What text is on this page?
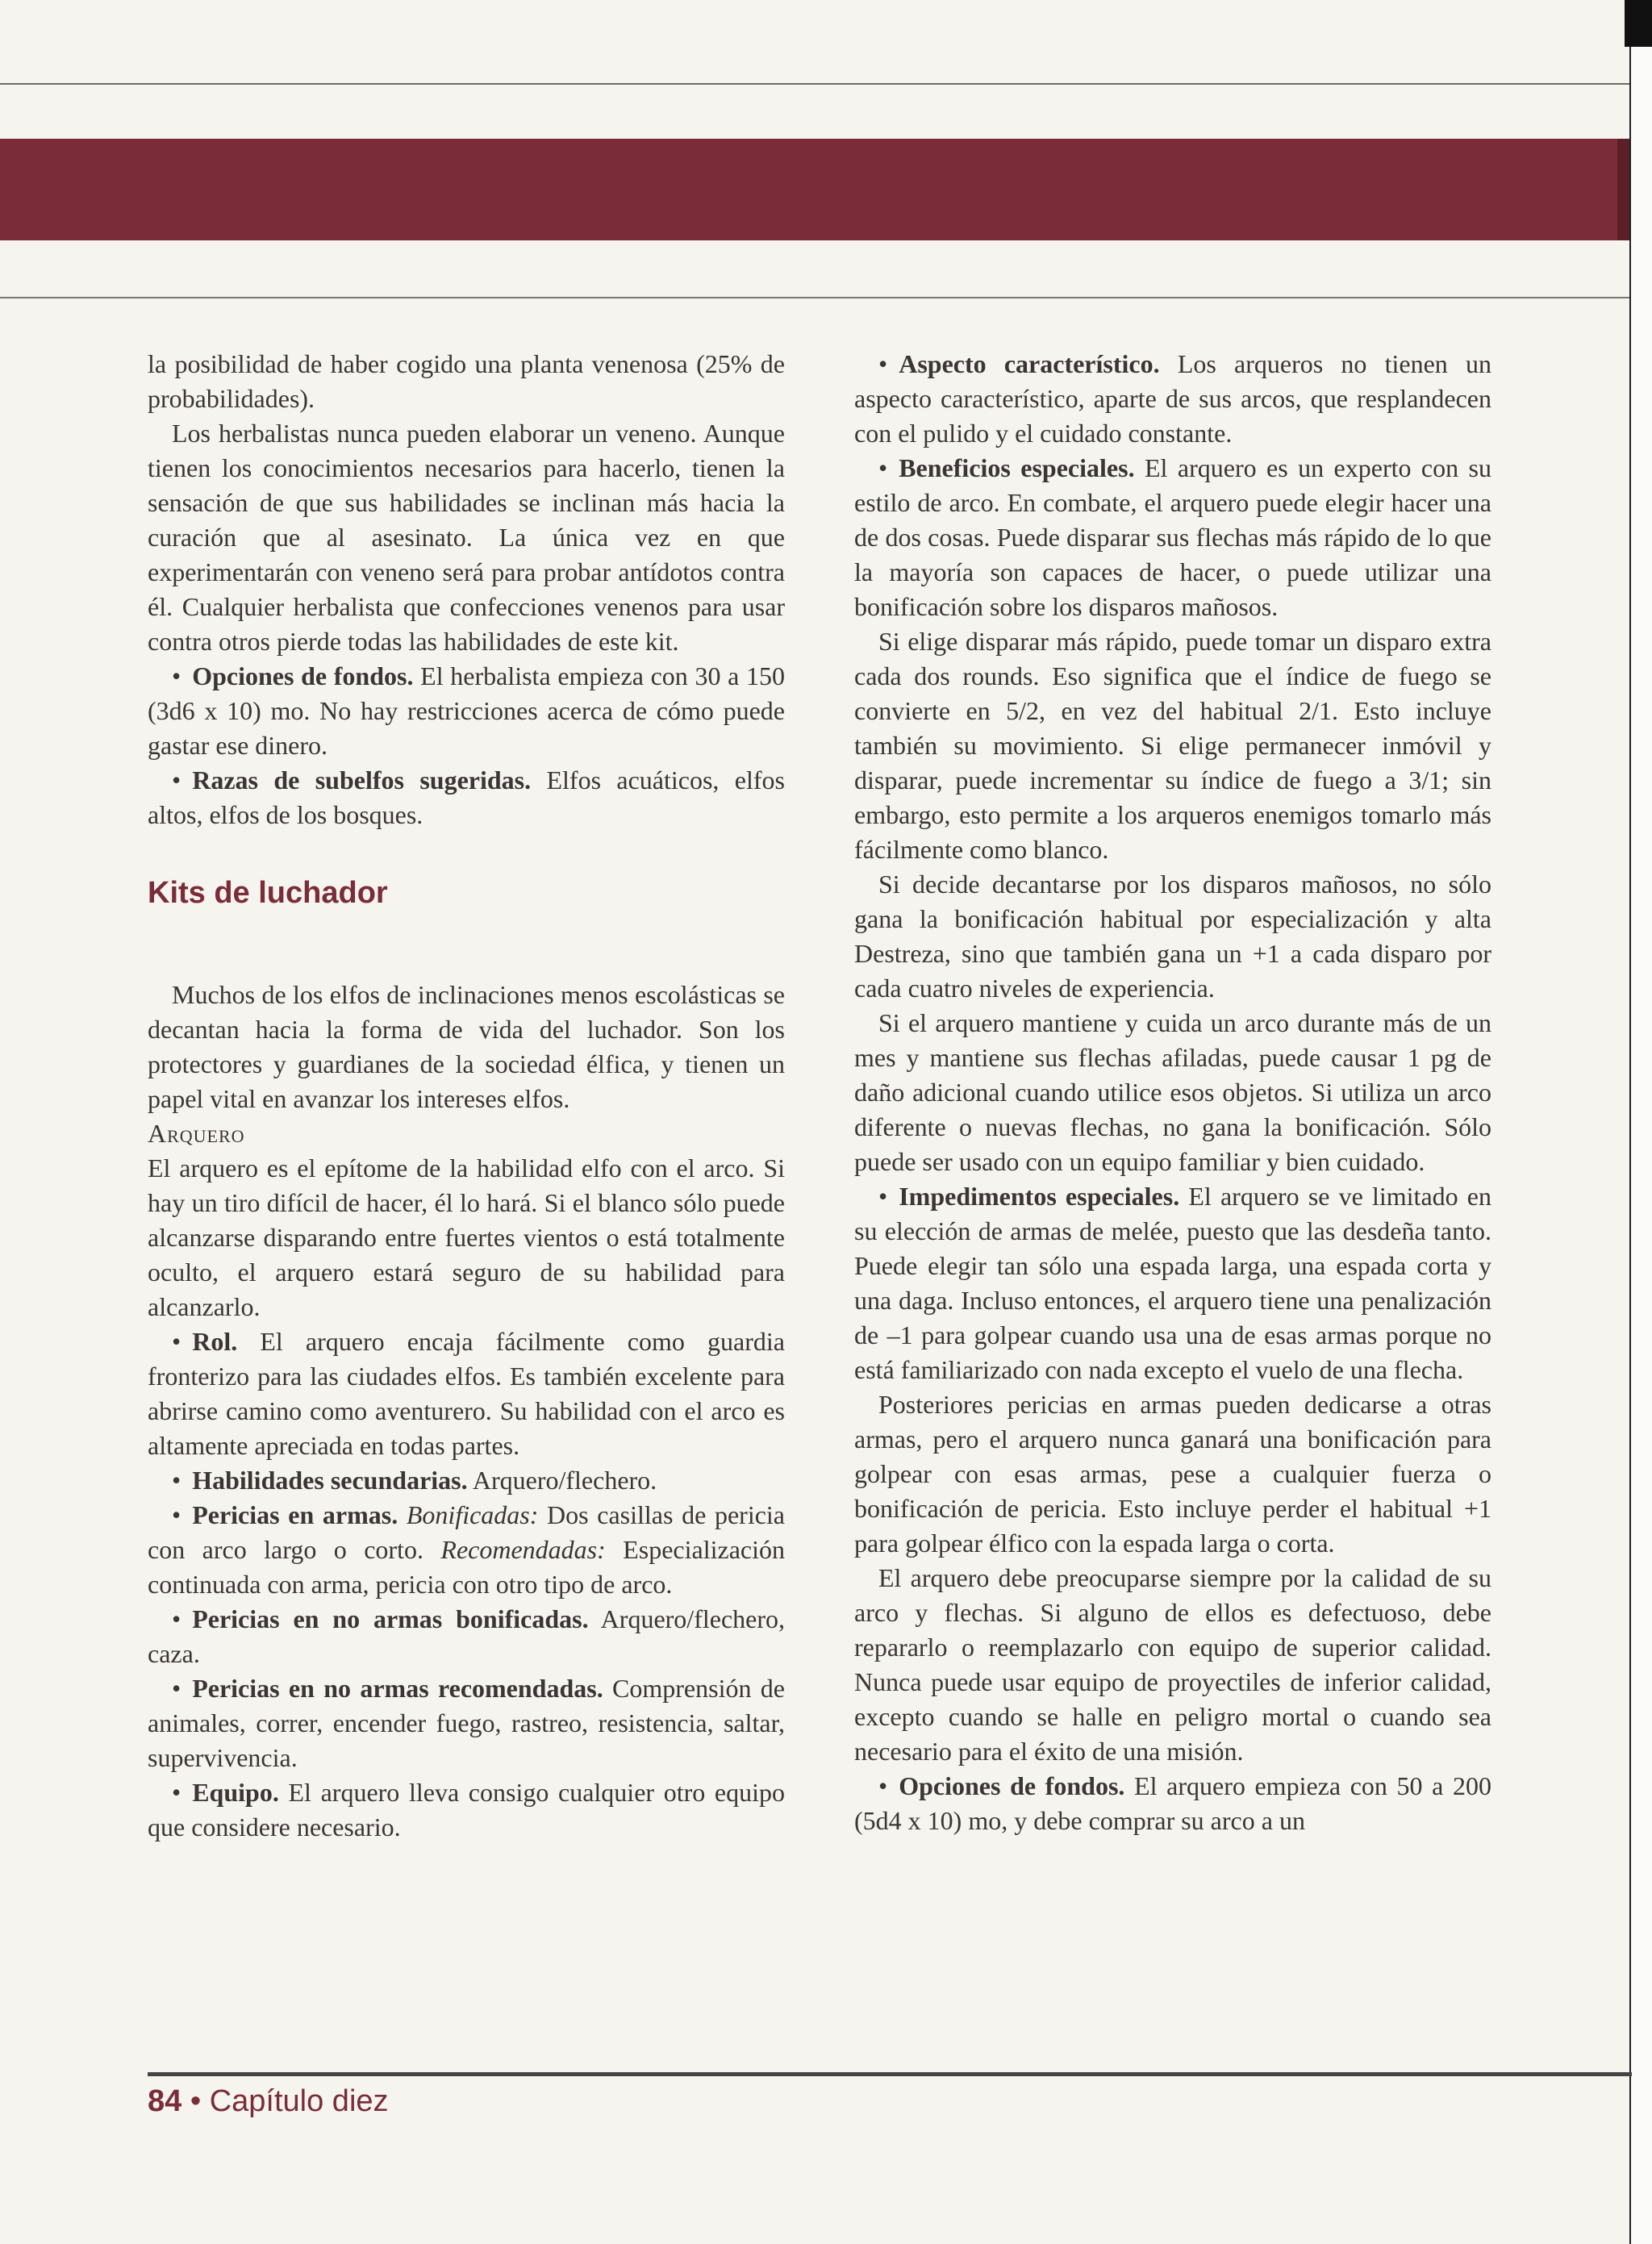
la posibilidad de haber cogido una planta venenosa (25% de probabilidades).

Los herbalistas nunca pueden elaborar un veneno. Aunque tienen los conocimientos necesarios para hacerlo, tienen la sensación de que sus habilidades se inclinan más hacia la curación que al asesinato. La única vez en que experimentarán con veneno será para probar antídotos contra él. Cualquier herbalista que confecciones venenos para usar contra otros pierde todas las habilidades de este kit.

• Opciones de fondos. El herbalista empieza con 30 a 150 (3d6 x 10) mo. No hay restricciones acerca de cómo puede gastar ese dinero.

• Razas de subelfos sugeridas. Elfos acuáticos, elfos altos, elfos de los bosques.

Kits de luchador

Muchos de los elfos de inclinaciones menos escolásticas se decantan hacia la forma de vida del luchador. Son los protectores y guardianes de la sociedad élfica, y tienen un papel vital en avanzar los intereses elfos.

Arquero

El arquero es el epítome de la habilidad elfo con el arco. Si hay un tiro difícil de hacer, él lo hará. Si el blanco sólo puede alcanzarse disparando entre fuertes vientos o está totalmente oculto, el arquero estará seguro de su habilidad para alcanzarlo.

• Rol. El arquero encaja fácilmente como guardia fronterizo para las ciudades elfos. Es también excelente para abrirse camino como aventurero. Su habilidad con el arco es altamente apreciada en todas partes.

• Habilidades secundarias. Arquero/flechero.

• Pericias en armas. Bonificadas: Dos casillas de pericia con arco largo o corto. Recomendadas: Especialización continuada con arma, pericia con otro tipo de arco.

• Pericias en no armas bonificadas. Arquero/flechero, caza.

• Pericias en no armas recomendadas. Comprensión de animales, correr, encender fuego, rastreo, resistencia, saltar, supervivencia.

• Equipo. El arquero lleva consigo cualquier otro equipo que considere necesario.

• Aspecto característico. Los arqueros no tienen un aspecto característico, aparte de sus arcos, que resplandecen con el pulido y el cuidado constante.

• Beneficios especiales. El arquero es un experto con su estilo de arco. En combate, el arquero puede elegir hacer una de dos cosas. Puede disparar sus flechas más rápido de lo que la mayoría son capaces de hacer, o puede utilizar una bonificación sobre los disparos mañosos.

Si elige disparar más rápido, puede tomar un disparo extra cada dos rounds. Eso significa que el índice de fuego se convierte en 5/2, en vez del habitual 2/1. Esto incluye también su movimiento. Si elige permanecer inmóvil y disparar, puede incrementar su índice de fuego a 3/1; sin embargo, esto permite a los arqueros enemigos tomarlo más fácilmente como blanco.

Si decide decantarse por los disparos mañosos, no sólo gana la bonificación habitual por especialización y alta Destreza, sino que también gana un +1 a cada disparo por cada cuatro niveles de experiencia.

Si el arquero mantiene y cuida un arco durante más de un mes y mantiene sus flechas afiladas, puede causar 1 pg de daño adicional cuando utilice esos objetos. Si utiliza un arco diferente o nuevas flechas, no gana la bonificación. Sólo puede ser usado con un equipo familiar y bien cuidado.

• Impedimentos especiales. El arquero se ve limitado en su elección de armas de melée, puesto que las desdeña tanto. Puede elegir tan sólo una espada larga, una espada corta y una daga. Incluso entonces, el arquero tiene una penalización de –1 para golpear cuando usa una de esas armas porque no está familiarizado con nada excepto el vuelo de una flecha.

Posteriores pericias en armas pueden dedicarse a otras armas, pero el arquero nunca ganará una bonificación para golpear con esas armas, pese a cualquier fuerza o bonificación de pericia. Esto incluye perder el habitual +1 para golpear élfico con la espada larga o corta.

El arquero debe preocuparse siempre por la calidad de su arco y flechas. Si alguno de ellos es defectuoso, debe repararlo o reemplazarlo con equipo de superior calidad. Nunca puede usar equipo de proyectiles de inferior calidad, excepto cuando se halle en peligro mortal o cuando sea necesario para el éxito de una misión.

• Opciones de fondos. El arquero empieza con 50 a 200 (5d4 x 10) mo, y debe comprar su arco a un

84 • Capítulo diez
